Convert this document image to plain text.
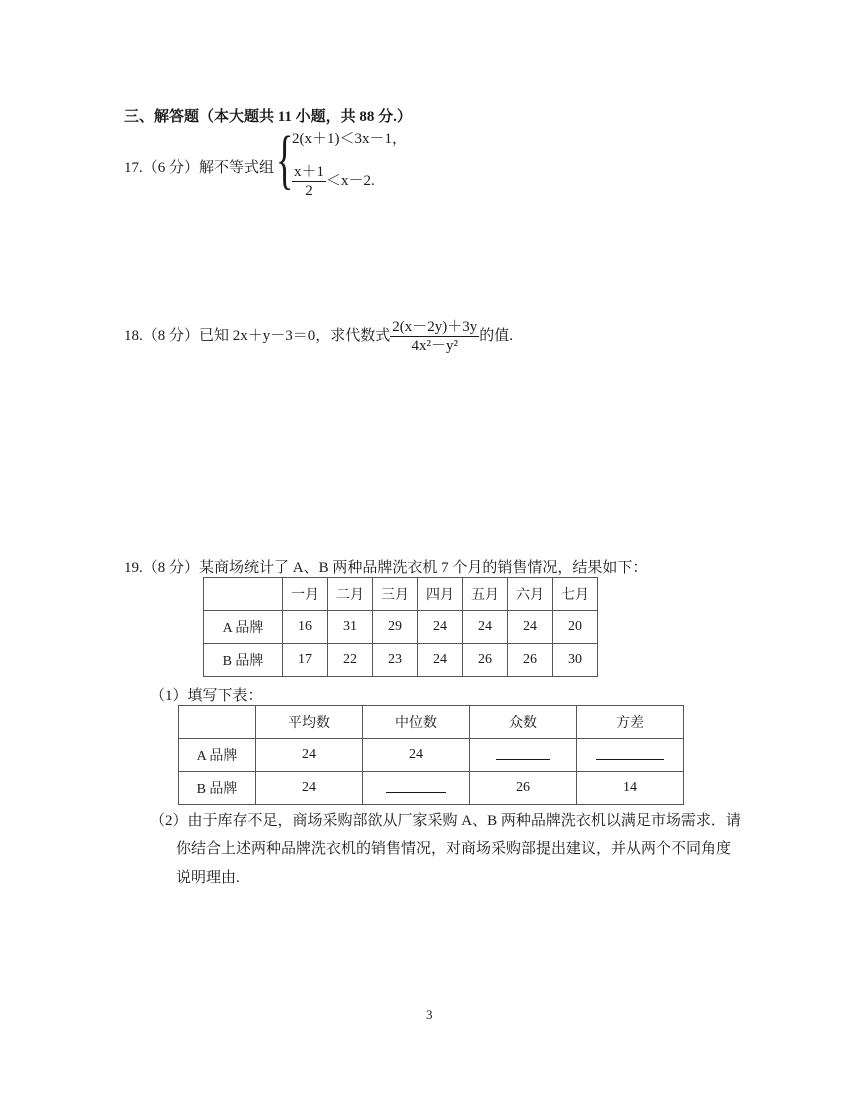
三、解答题（本大题共 11 小题，共 88 分.）
17.（6 分）解不等式组 {
2(x＋1)＜3x－1，
$\frac{x+1}{2} <x-2$.
18.（8 分）已知 2x＋y－3＝0，求代数式 $\frac{2(x-2y)+3y}{\text{4x²－y²}}$ 的值.
19.（8 分）某商场统计了 A、B 两种品牌洗衣机 7 个月的销售情况，结果如下：
	一月	二月	三月	四月	五月	六月	七月
A 品牌	16	31	29	24	24	24	20
B 品牌	17	22	23	24	26	26	30
（1）填写下表：
	平均数	中位数	众数	方差
A 品牌	24	24		
B 品牌	24		26	14
（2）由于库存不足，商场采购部欲从厂家采购 A、B 两种品牌洗衣机以满足市场需求．请
你结合上述两种品牌洗衣机的销售情况，对商场采购部提出建议，并从两个不同角度
说明理由.
3
